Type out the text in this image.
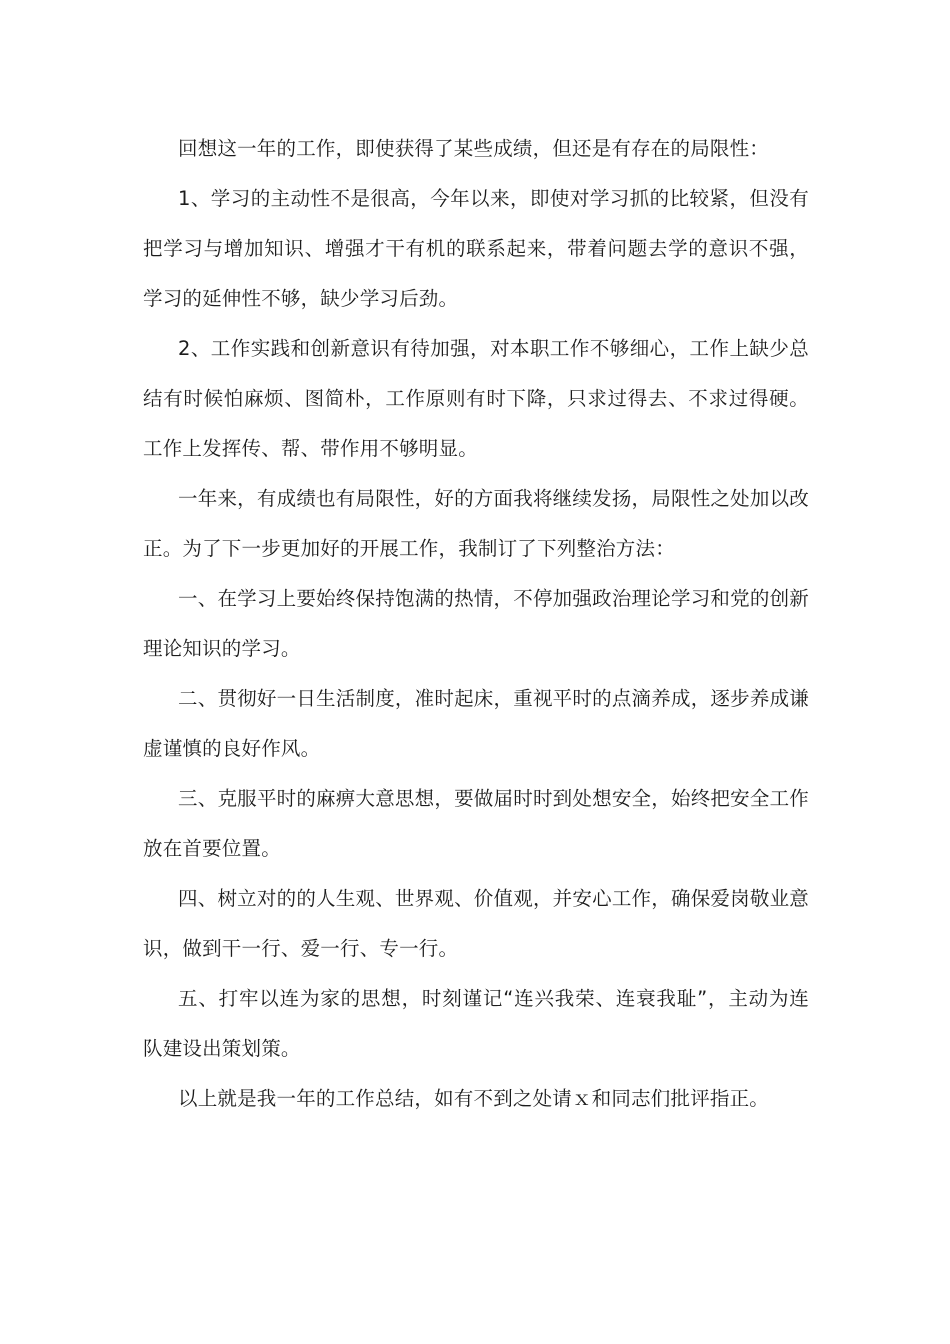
回想这一年的工作，即使获得了某些成绩，但还是有存在的局限性：

1、学习的主动性不是很高，今年以来，即使对学习抓的比较紧，但没有把学习与增加知识、增强才干有机的联系起来，带着问题去学的意识不强，学习的延伸性不够，缺少学习后劲。

2、工作实践和创新意识有待加强，对本职工作不够细心，工作上缺少总结有时候怕麻烦、图简朴，工作原则有时下降，只求过得去、不求过得硬。工作上发挥传、帮、带作用不够明显。

一年来，有成绩也有局限性，好的方面我将继续发扬，局限性之处加以改正。为了下一步更加好的开展工作，我制订了下列整治方法：

一、在学习上要始终保持饱满的热情，不停加强政治理论学习和党的创新理论知识的学习。

二、贯彻好一日生活制度，准时起床，重视平时的点滴养成，逐步养成谦虚谨慎的良好作风。

三、克服平时的麻痹大意思想，要做届时时到处想安全，始终把安全工作放在首要位置。

四、树立对的的人生观、世界观、价值观，并安心工作，确保爱岗敬业意识，做到干一行、爱一行、专一行。

五、打牢以连为家的思想，时刻谨记“连兴我荣、连衰我耻”，主动为连队建设出策划策。

以上就是我一年的工作总结，如有不到之处请ｘ和同志们批评指正。
